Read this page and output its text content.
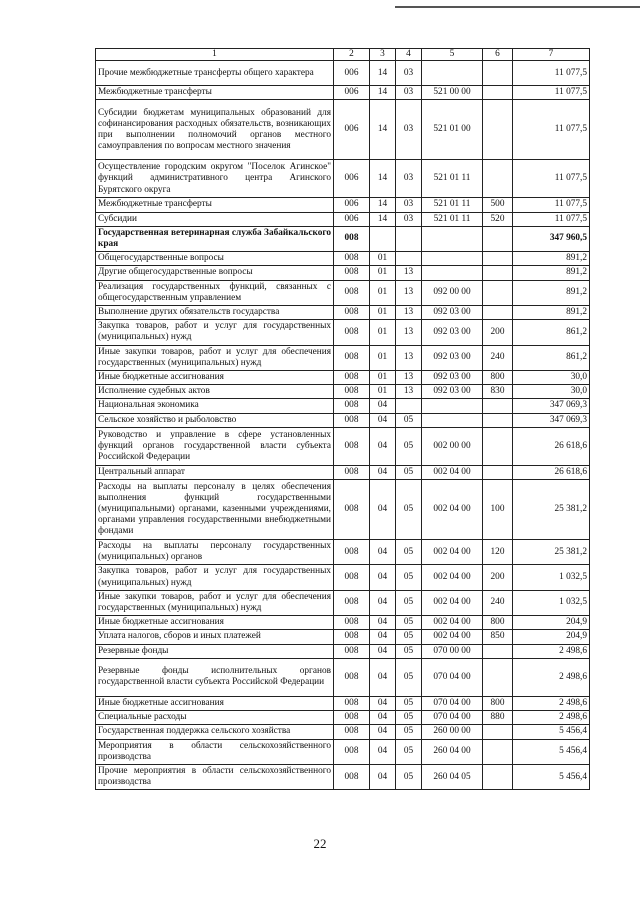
1	2	3	4	5	6	7
Прочие межбюджетные трансферты общего характера	006	14	03			11 077,5
Межбюджетные трансферты	006	14	03	521 00 00		11 077,5
Субсидии бюджетам муниципальных образований для софинансирования расходных обязательств, возникающих при выполнении полномочий органов местного самоуправления по вопросам местного значения	006	14	03	521 01 00		11 077,5
Осуществление городским округом "Поселок Агинское" функций административного центра Агинского Бурятского округа	006	14	03	521 01 11		11 077,5
Межбюджетные трансферты	006	14	03	521 01 11	500	11 077,5
Субсидии	006	14	03	521 01 11	520	11 077,5
Государственная ветеринарная служба Забайкальского края	008					347 960,5
Общегосударственные вопросы	008	01				891,2
Другие общегосударственные вопросы	008	01	13			891,2
Реализация государственных функций, связанных с общегосударственным управлением	008	01	13	092 00 00		891,2
Выполнение других обязательств государства	008	01	13	092 03 00		891,2
Закупка товаров, работ и услуг для государственных (муниципальных) нужд	008	01	13	092 03 00	200	861,2
Иные закупки товаров, работ и услуг для обеспечения государственных (муниципальных) нужд	008	01	13	092 03 00	240	861,2
Иные бюджетные ассигнования	008	01	13	092 03 00	800	30,0
Исполнение судебных актов	008	01	13	092 03 00	830	30,0
Национальная экономика	008	04				347 069,3
Сельское хозяйство и рыболовство	008	04	05			347 069,3
Руководство и управление в сфере установленных функций органов государственной власти субъекта Российской Федерации	008	04	05	002 00 00		26 618,6
Центральный аппарат	008	04	05	002 04 00		26 618,6
Расходы на выплаты персоналу в целях обеспечения выполнения функций государственными (муниципальными) органами, казенными учреждениями, органами управления государственными внебюджетными фондами	008	04	05	002 04 00	100	25 381,2
Расходы на выплаты персоналу государственных (муниципальных) органов	008	04	05	002 04 00	120	25 381,2
Закупка товаров, работ и услуг для государственных (муниципальных) нужд	008	04	05	002 04 00	200	1 032,5
Иные закупки товаров, работ и услуг для обеспечения государственных (муниципальных) нужд	008	04	05	002 04 00	240	1 032,5
Иные бюджетные ассигнования	008	04	05	002 04 00	800	204,9
Уплата налогов, сборов и иных платежей	008	04	05	002 04 00	850	204,9
Резервные фонды	008	04	05	070 00 00		2 498,6
Резервные фонды исполнительных органов государственной власти субъекта Российской Федерации	008	04	05	070 04 00		2 498,6
Иные бюджетные ассигнования	008	04	05	070 04 00	800	2 498,6
Специальные расходы	008	04	05	070 04 00	880	2 498,6
Государственная поддержка сельского хозяйства	008	04	05	260 00 00		5 456,4
Мероприятия в области сельскохозяйственного производства	008	04	05	260 04 00		5 456,4
Прочие мероприятия в области сельскохозяйственного производства	008	04	05	260 04 05		5 456,4
22
